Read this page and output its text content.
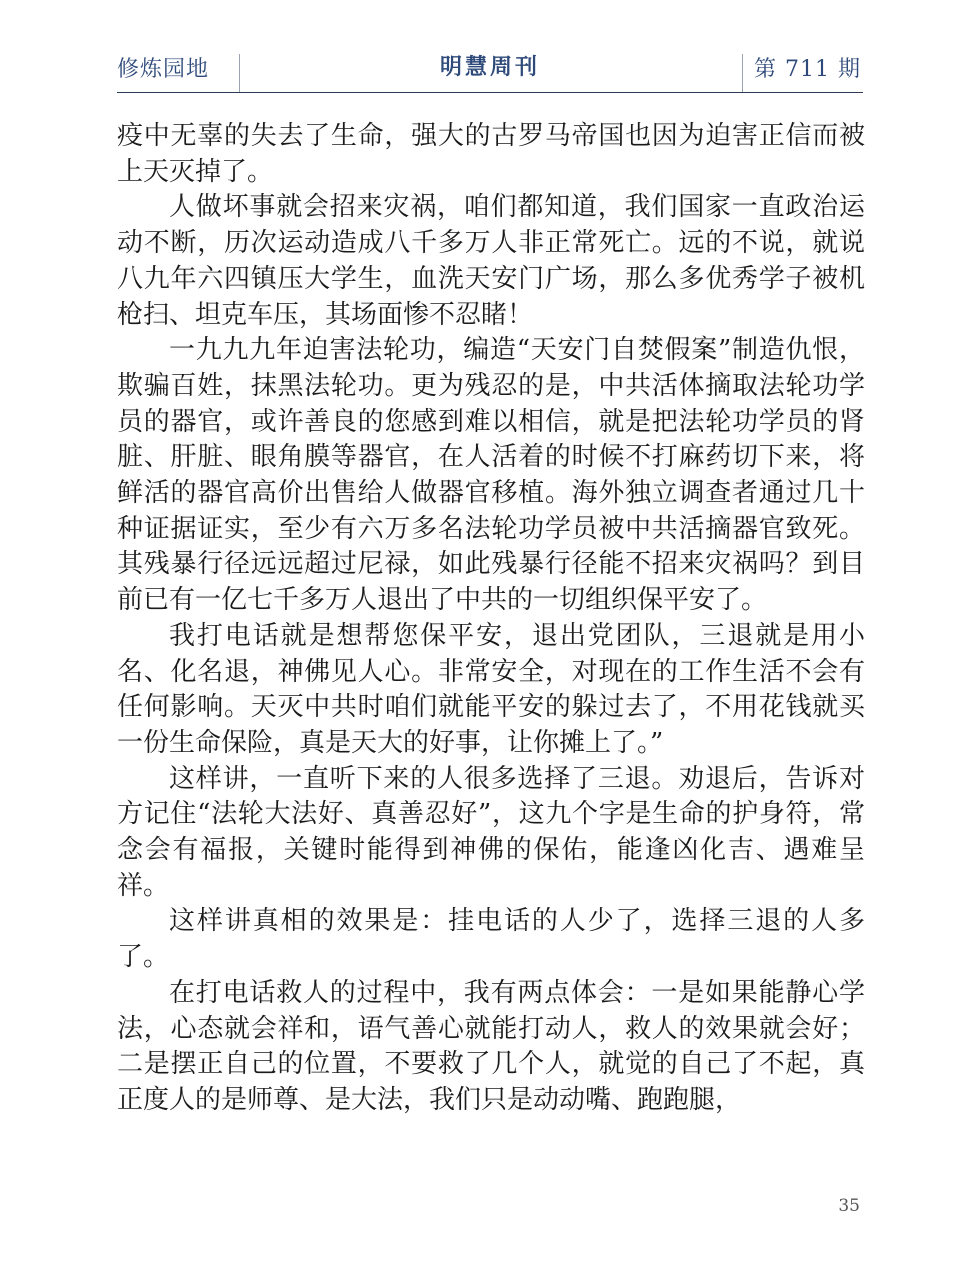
修炼园地	明慧周刊	第 711 期

疫中无辜的失去了生命，强大的古罗马帝国也因为迫害正信而被上天灭掉了。

人做坏事就会招来灾祸，咱们都知道，我们国家一直政治运动不断，历次运动造成八千多万人非正常死亡。远的不说，就说八九年六四镇压大学生，血洗天安门广场，那么多优秀学子被机枪扫、坦克车压，其场面惨不忍睹！

一九九九年迫害法轮功，编造“天安门自焚假案”制造仇恨，欺骗百姓，抹黑法轮功。更为残忍的是，中共活体摘取法轮功学员的器官，或许善良的您感到难以相信，就是把法轮功学员的肾脏、肝脏、眼角膜等器官，在人活着的时候不打麻药切下来，将鲜活的器官高价出售给人做器官移植。海外独立调查者通过几十种证据证实，至少有六万多名法轮功学员被中共活摘器官致死。其残暴行径远远超过尼禄，如此残暴行径能不招来灾祸吗？到目前已有一亿七千多万人退出了中共的一切组织保平安了。

我打电话就是想帮您保平安，退出党团队，三退就是用小名、化名退，神佛见人心。非常安全，对现在的工作生活不会有任何影响。天灭中共时咱们就能平安的躲过去了，不用花钱就买一份生命保险，真是天大的好事，让你摊上了。”

这样讲，一直听下来的人很多选择了三退。劝退后，告诉对方记住“法轮大法好、真善忍好”，这九个字是生命的护身符，常念会有福报，关键时能得到神佛的保佑，能逢凶化吉、遇难呈祥。

这样讲真相的效果是：挂电话的人少了，选择三退的人多了。

在打电话救人的过程中，我有两点体会：一是如果能静心学法，心态就会祥和，语气善心就能打动人，救人的效果就会好；二是摆正自己的位置，不要救了几个人，就觉的自己了不起，真正度人的是师尊、是大法，我们只是动动嘴、跑跑腿，

35
